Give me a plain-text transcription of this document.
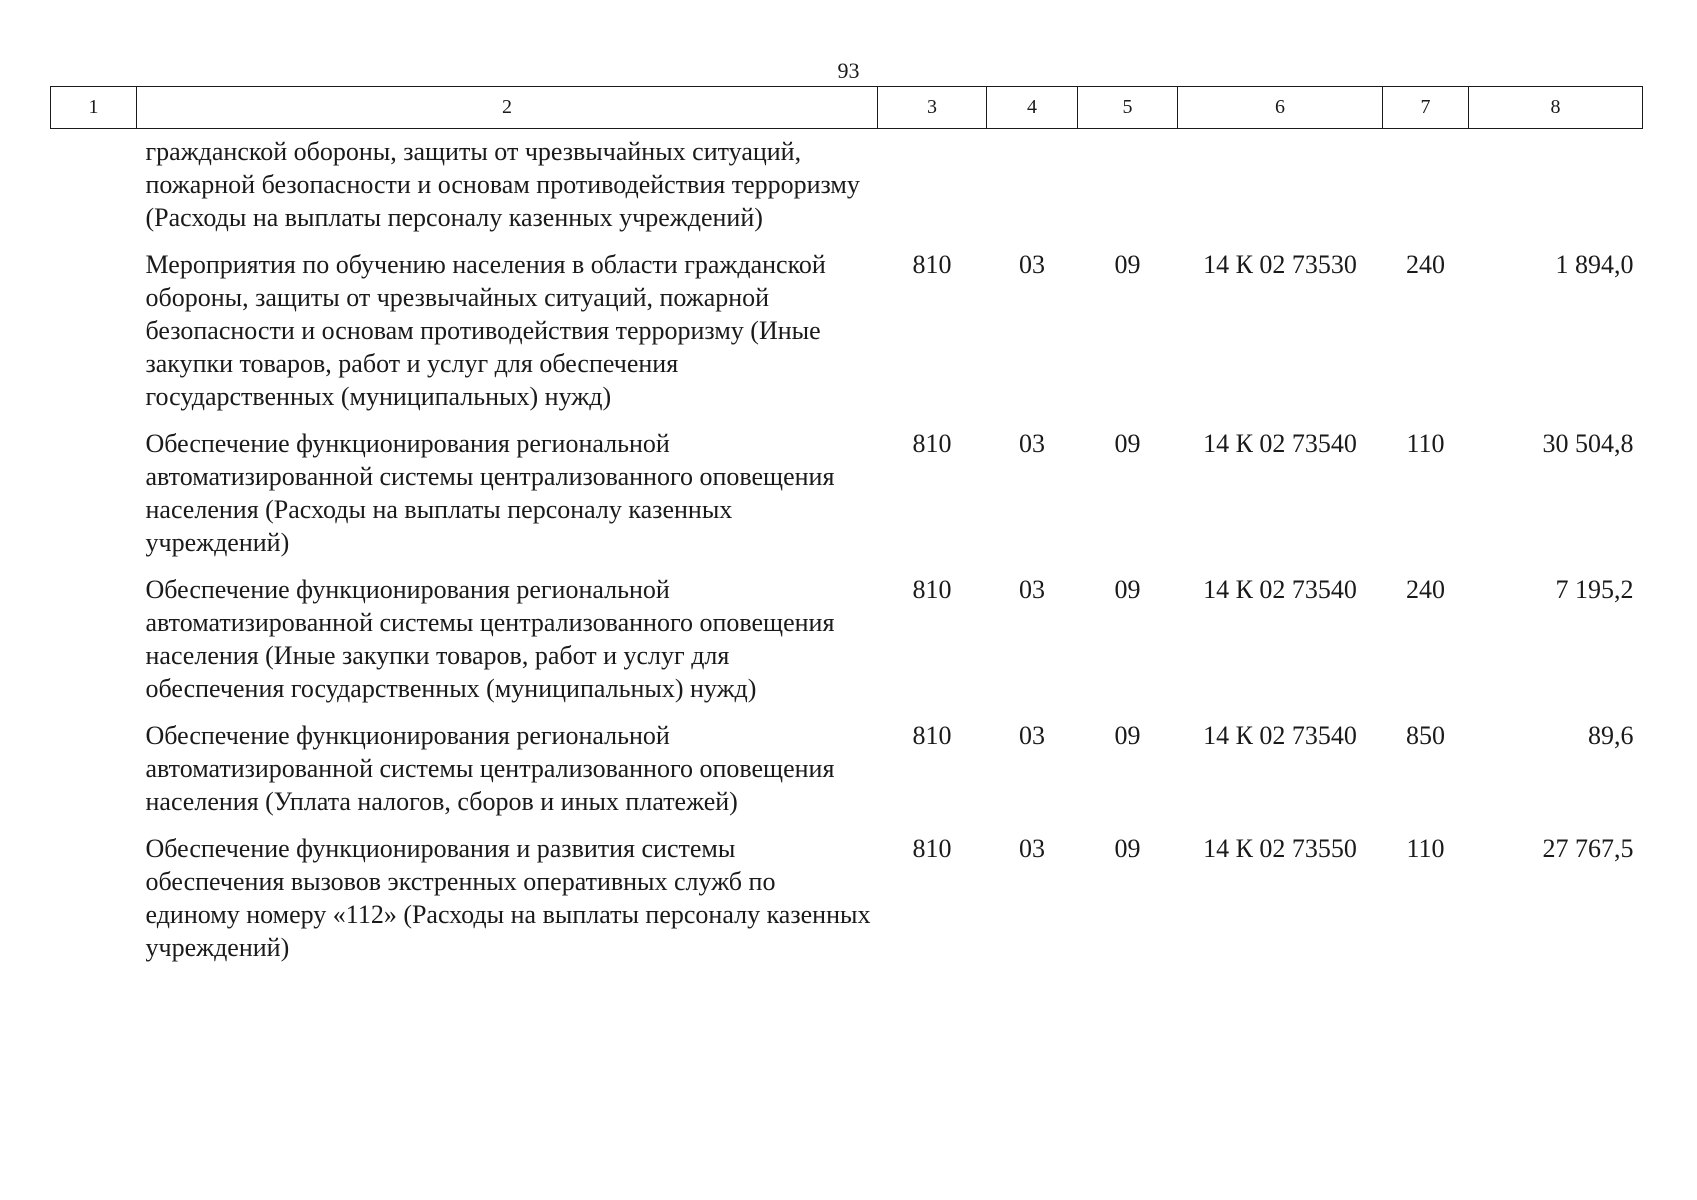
93
1	2	3	4	5	6	7	8
	гражданской обороны, защиты от чрезвычайных ситуаций, пожарной безопасности и основам противодействия терроризму (Расходы на выплаты персоналу казенных учреждений)						
	Мероприятия по обучению населения в области гражданской обороны, защиты от чрезвычайных ситуаций, пожарной безопасности и основам противодействия терроризму (Иные закупки товаров, работ и услуг для обеспечения государственных (муниципальных) нужд)	810	03	09	14 К 02 73530	240	1 894,0
	Обеспечение функционирования региональной автоматизированной системы централизованного оповещения населения (Расходы на выплаты персоналу казенных учреждений)	810	03	09	14 К 02 73540	110	30 504,8
	Обеспечение функционирования региональной автоматизированной системы централизованного оповещения населения (Иные закупки товаров, работ и услуг для обеспечения государственных (муниципальных) нужд)	810	03	09	14 К 02 73540	240	7 195,2
	Обеспечение функционирования региональной автоматизированной системы централизованного оповещения населения (Уплата налогов, сборов и иных платежей)	810	03	09	14 К 02 73540	850	89,6
	Обеспечение функционирования и развития системы обеспечения вызовов экстренных оперативных служб по единому номеру «112» (Расходы на выплаты персоналу казенных учреждений)	810	03	09	14 К 02 73550	110	27 767,5
